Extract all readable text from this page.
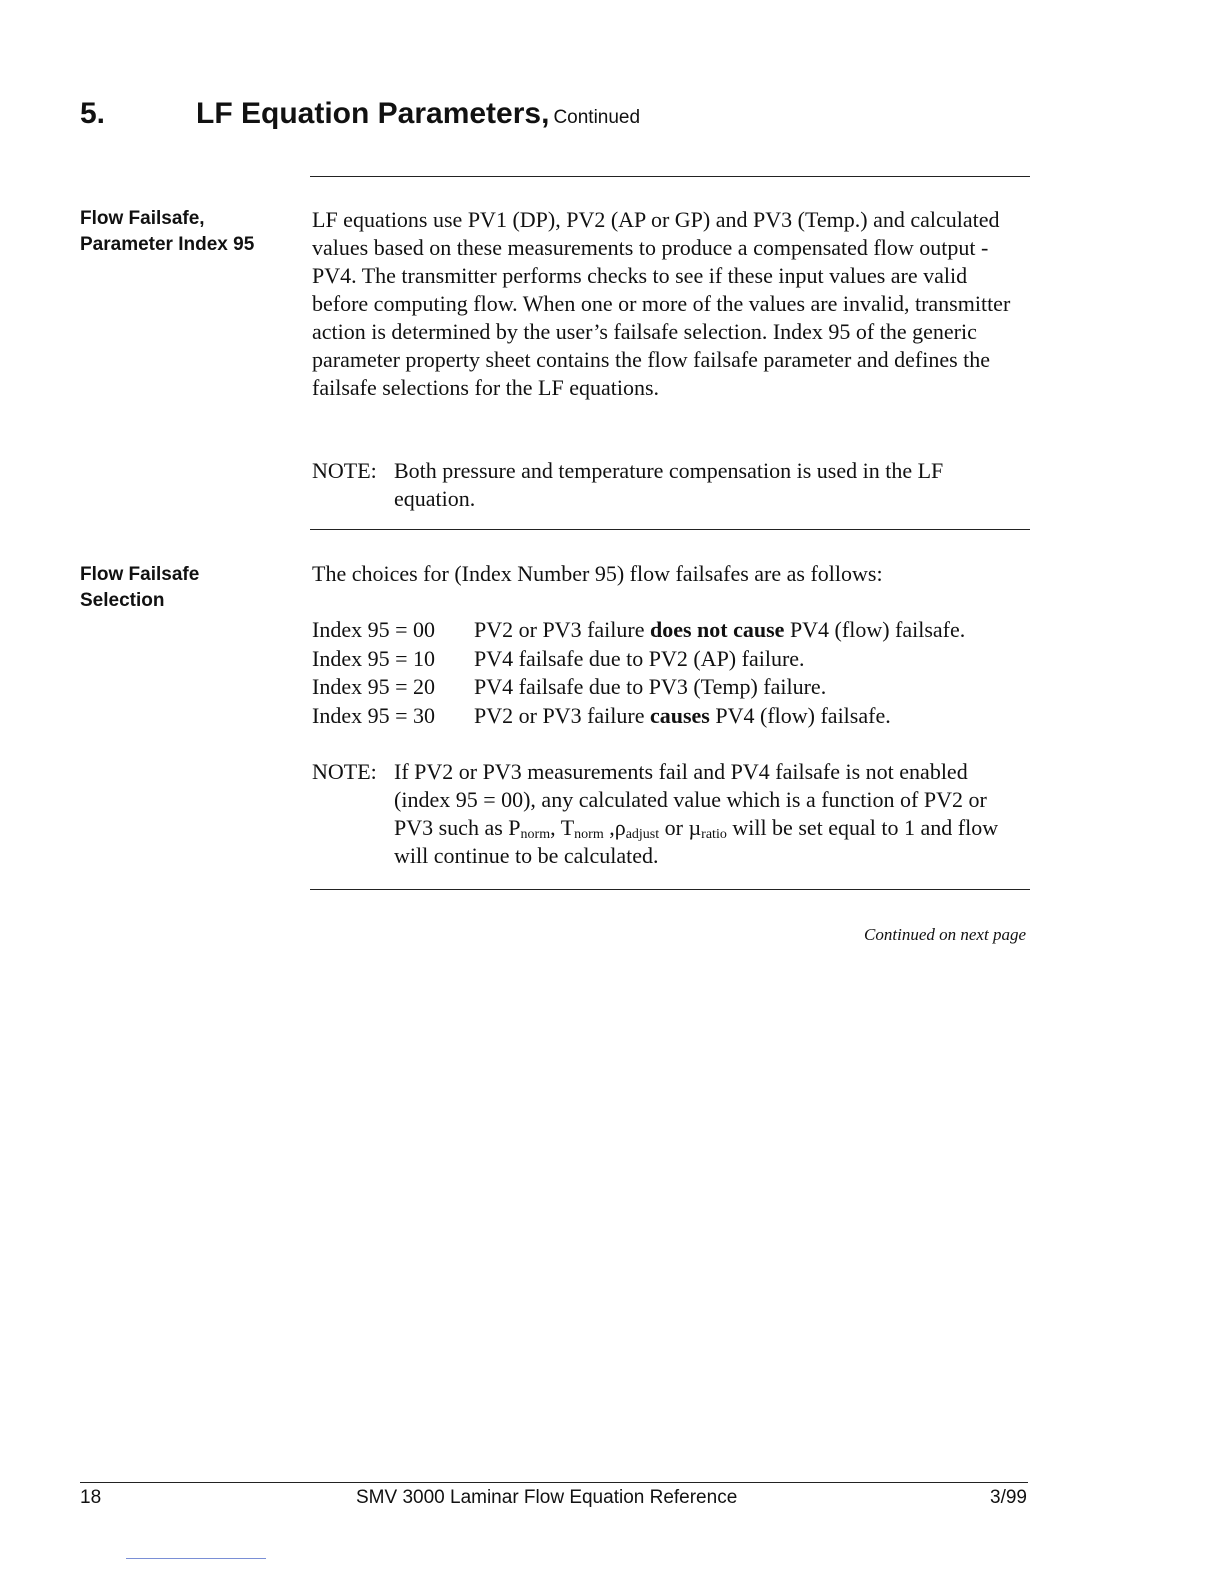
5.	LF Equation Parameters, Continued
Flow Failsafe,
Parameter Index 95

LF equations use PV1 (DP), PV2 (AP or GP) and PV3 (Temp.) and calculated values based on these measurements to produce a compensated flow output - PV4. The transmitter performs checks to see if these input values are valid before computing flow. When one or more of the values are invalid, transmitter action is determined by the user’s failsafe selection. Index 95 of the generic parameter property sheet contains the flow failsafe parameter and defines the failsafe selections for the LF equations.

NOTE: Both pressure and temperature compensation is used in the LF equation.
Flow Failsafe
Selection

The choices for (Index Number 95) flow failsafes are as follows:

Index 95 = 00	PV2 or PV3 failure does not cause PV4 (flow) failsafe.
Index 95 = 10	PV4 failsafe due to PV2 (AP) failure.
Index 95 = 20	PV4 failsafe due to PV3 (Temp) failure.
Index 95 = 30	PV2 or PV3 failure causes PV4 (flow) failsafe.
NOTE: If PV2 or PV3 measurements fail and PV4 failsafe is not enabled (index 95 = 00), any calculated value which is a function of PV2 or PV3 such as $P_{norm}$, $T_{norm}$ $,\rho_{adjust}$ or µ$_{ratio}$ will be set equal to 1 and flow will continue to be calculated.
Continued on next page
18	SMV 3000 Laminar Flow Equation Reference	3/99
